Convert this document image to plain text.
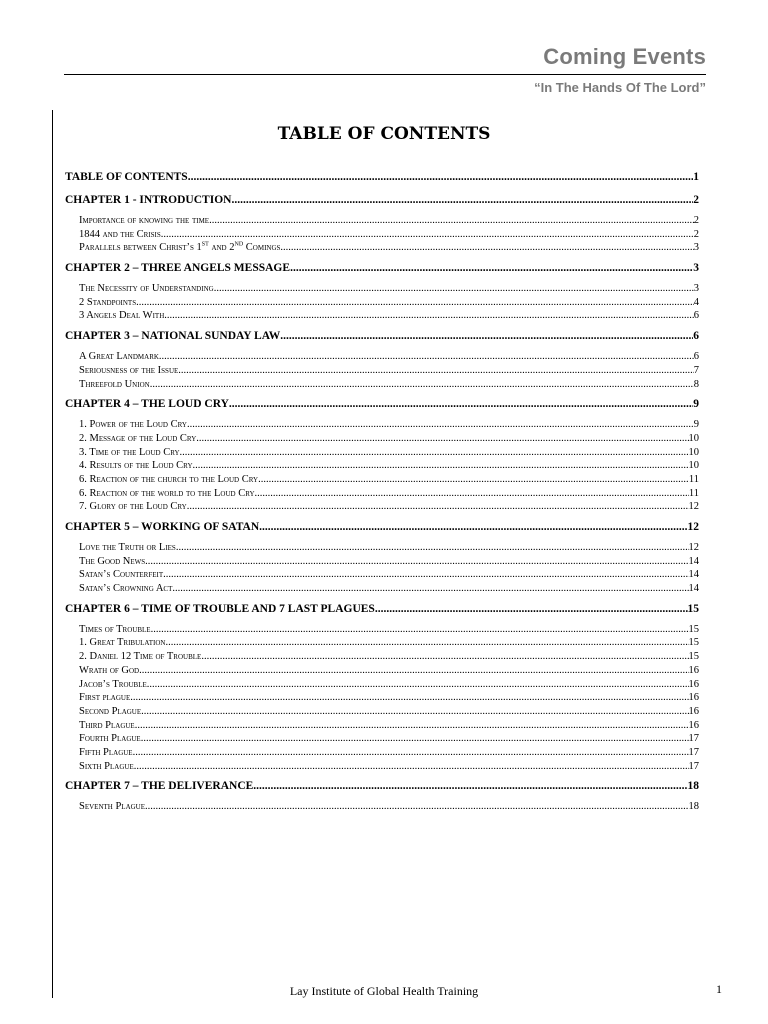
Coming Events
“In The Hands Of The Lord”
TABLE OF CONTENTS
TABLE OF CONTENTS .....	1
CHAPTER 1 - INTRODUCTION .....	2
Importance of knowing the time .....	2
1844 and the Crisis .....	2
Parallels between Christ’s 1ST and 2ND Comings .....	3
CHAPTER 2 – THREE ANGELS MESSAGE .....	3
The Necessity of Understanding .....	3
2 Standpoints .....	4
3 Angels Deal With .....	6
CHAPTER 3 – NATIONAL SUNDAY LAW .....	6
A Great Landmark .....	6
Seriousness of the Issue .....	7
Threefold Union .....	8
CHAPTER 4 – THE LOUD CRY .....	9
1. Power of the Loud Cry .....	9
2. Message of the Loud Cry .....	10
3. Time of the Loud Cry .....	10
4. Results of the Loud Cry .....	10
6. Reaction of the church to the Loud Cry .....	11
6. Reaction of the world to the Loud Cry .....	11
7. Glory of the Loud Cry .....	12
CHAPTER 5 – WORKING OF SATAN .....	12
Love the Truth or Lies .....	12
The Good News .....	14
Satan’s Counterfeit .....	14
Satan’s Crowning Act .....	14
CHAPTER 6 – TIME OF TROUBLE AND 7 LAST PLAGUES .....	15
Times of Trouble .....	15
1. Great Tribulation .....	15
2. Daniel 12 Time of Trouble .....	15
Wrath of God .....	16
Jacob’s Trouble .....	16
First plague .....	16
Second Plague .....	16
Third Plague .....	16
Fourth Plague .....	17
Fifth Plague .....	17
Sixth Plague .....	17
CHAPTER 7 – THE DELIVERANCE .....	18
Seventh Plague .....	18
Lay Institute of Global Health Training	1
